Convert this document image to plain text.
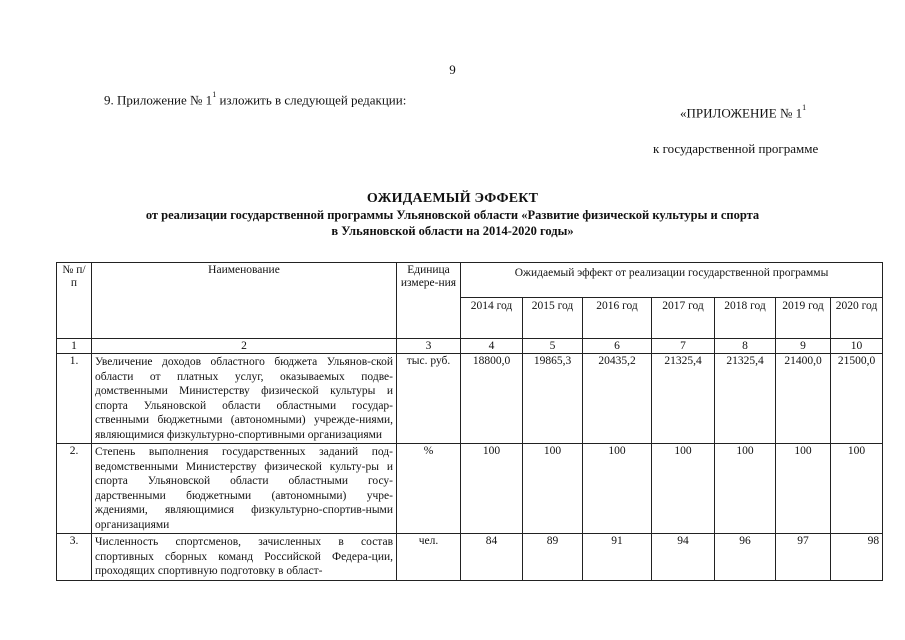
9
9. Приложение № $1^1$ изложить в следующей редакции:
«ПРИЛОЖЕНИЕ № $1^1$
к государственной программе
ОЖИДАЕМЫЙ ЭФФЕКТ
от реализации государственной программы Ульяновской области «Развитие физической культуры и спорта
в Ульяновской области на 2014-2020 годы»
№ п/п	Наименование	Единица измере-ния	Ожидаемый эффект от реализации государственной программы						
			2014 год	2015 год	2016 год	2017 год	2018 год	2019 год	2020 год
1	2	3	4	5	6	7	8	9	10
1.	Увеличение доходов областного бюджета Ульянов-ской области от платных услуг, оказываемых подве-домственными Министерству физической культуры и спорта Ульяновской области областными государ-ственными бюджетными (автономными) учрежде-ниями, являющимися физкультурно-спортивными организациями	тыс. руб.	18800,0	19865,3	20435,2	21325,4	21325,4	21400,0	21500,0
2.	Степень выполнения государственных заданий под-ведомственными Министерству физической культу-ры и спорта Ульяновской области областными госу-дарственными бюджетными (автономными) учре-ждениями, являющимися физкультурно-спортив-ными организациями	%	100	100	100	100	100	100	100
3.	Численность спортсменов, зачисленных в состав спортивных сборных команд Российской Федера-ции, проходящих спортивную подготовку в област-	чел.	84	89	91	94	96	97	98
